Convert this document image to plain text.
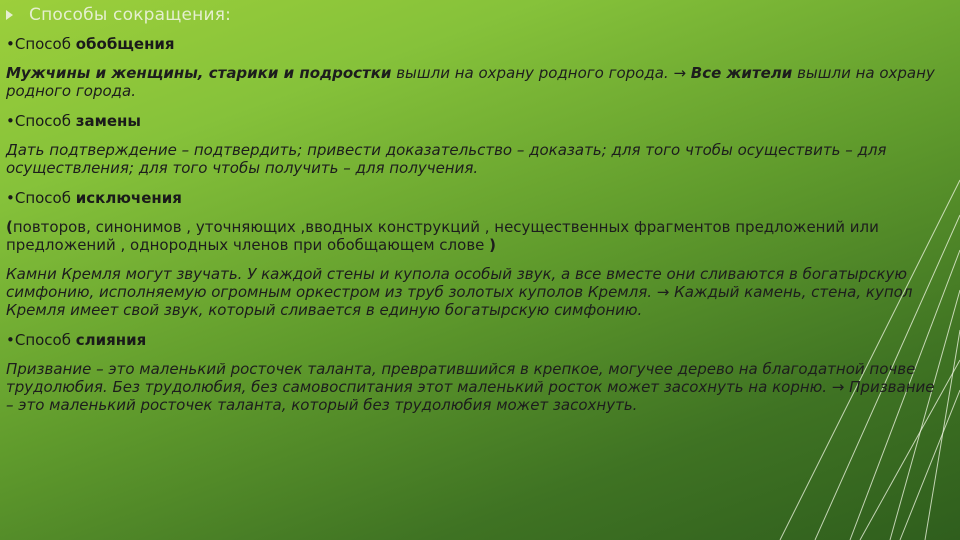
Способы сокращения:
•Способ обобщения
Мужчины и женщины, старики и подростки вышли на охрану родного города. → Все жители вышли на охрану родного города.
•Способ замены
Дать подтверждение – подтвердить; привести доказательство – доказать; для того чтобы осуществить – для осуществления; для того чтобы получить – для получения.
•Способ исключения
(повторов, синонимов , уточняющих ,вводных конструкций , несущественных фрагментов предложений или предложений , однородных членов при обобщающем слове )
Камни Кремля могут звучать. У каждой стены и купола особый звук, а все вместе они сливаются в богатырскую симфонию, исполняемую огромным оркестром из труб золотых куполов Кремля. → Каждый камень, стена, купол Кремля имеет свой звук, который сливается в единую богатырскую симфонию.
•Способ слияния
Призвание – это маленький росточек таланта, превратившийся в крепкое, могучее дерево на благодатной почве трудолюбия. Без трудолюбия, без самовоспитания этот маленький росток может засохнуть на корню. → Призвание – это маленький росточек таланта, который без трудолюбия может засохнуть.
